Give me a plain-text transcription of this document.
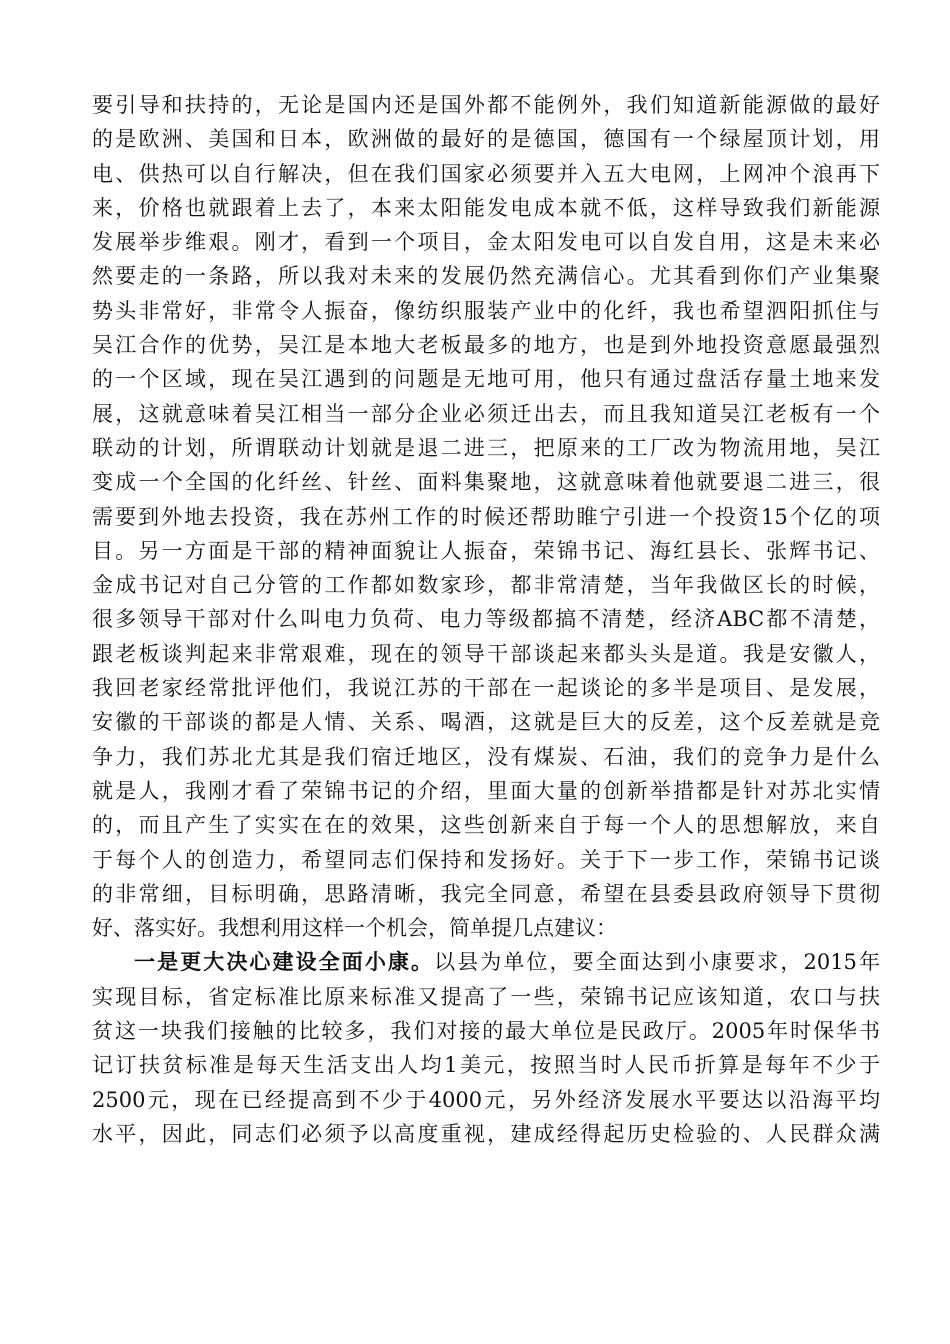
要引导和扶持的，无论是国内还是国外都不能例外，我们知道新能源做的最好
的是欧洲、美国和日本，欧洲做的最好的是德国，德国有一个绿屋顶计划，用
电、供热可以自行解决，但在我们国家必须要并入五大电网，上网冲个浪再下
来，价格也就跟着上去了，本来太阳能发电成本就不低，这样导致我们新能源
发展举步维艰。刚才，看到一个项目，金太阳发电可以自发自用，这是未来必
然要走的一条路，所以我对未来的发展仍然充满信心。尤其看到你们产业集聚
势头非常好，非常令人振奋，像纺织服装产业中的化纤，我也希望泗阳抓住与
吴江合作的优势，吴江是本地大老板最多的地方，也是到外地投资意愿最强烈
的一个区域，现在吴江遇到的问题是无地可用，他只有通过盘活存量土地来发
展，这就意味着吴江相当一部分企业必须迁出去，而且我知道吴江老板有一个
联动的计划，所谓联动计划就是退二进三，把原来的工厂改为物流用地，吴江
变成一个全国的化纤丝、针丝、面料集聚地，这就意味着他就要退二进三，很
需要到外地去投资，我在苏州工作的时候还帮助睢宁引进一个投资15个亿的项
目。另一方面是干部的精神面貌让人振奋，荣锦书记、海红县长、张辉书记、
金成书记对自己分管的工作都如数家珍，都非常清楚，当年我做区长的时候，
很多领导干部对什么叫电力负荷、电力等级都搞不清楚，经济ABC都不清楚，
跟老板谈判起来非常艰难，现在的领导干部谈起来都头头是道。我是安徽人，
我回老家经常批评他们，我说江苏的干部在一起谈论的多半是项目、是发展，
安徽的干部谈的都是人情、关系、喝酒，这就是巨大的反差，这个反差就是竞
争力，我们苏北尤其是我们宿迁地区，没有煤炭、石油，我们的竞争力是什么
就是人，我刚才看了荣锦书记的介绍，里面大量的创新举措都是针对苏北实情
的，而且产生了实实在在的效果，这些创新来自于每一个人的思想解放，来自
于每个人的创造力，希望同志们保持和发扬好。关于下一步工作，荣锦书记谈
的非常细，目标明确，思路清晰，我完全同意，希望在县委县政府领导下贯彻
好、落实好。我想利用这样一个机会，简单提几点建议：
一是更大决心建设全面小康。以县为单位，要全面达到小康要求，2015年
实现目标，省定标准比原来标准又提高了一些，荣锦书记应该知道，农口与扶
贫这一块我们接触的比较多，我们对接的最大单位是民政厅。2005年时保华书
记订扶贫标准是每天生活支出人均1美元，按照当时人民币折算是每年不少于
2500元，现在已经提高到不少于4000元，另外经济发展水平要达以沿海平均
水平，因此，同志们必须予以高度重视，建成经得起历史检验的、人民群众满
